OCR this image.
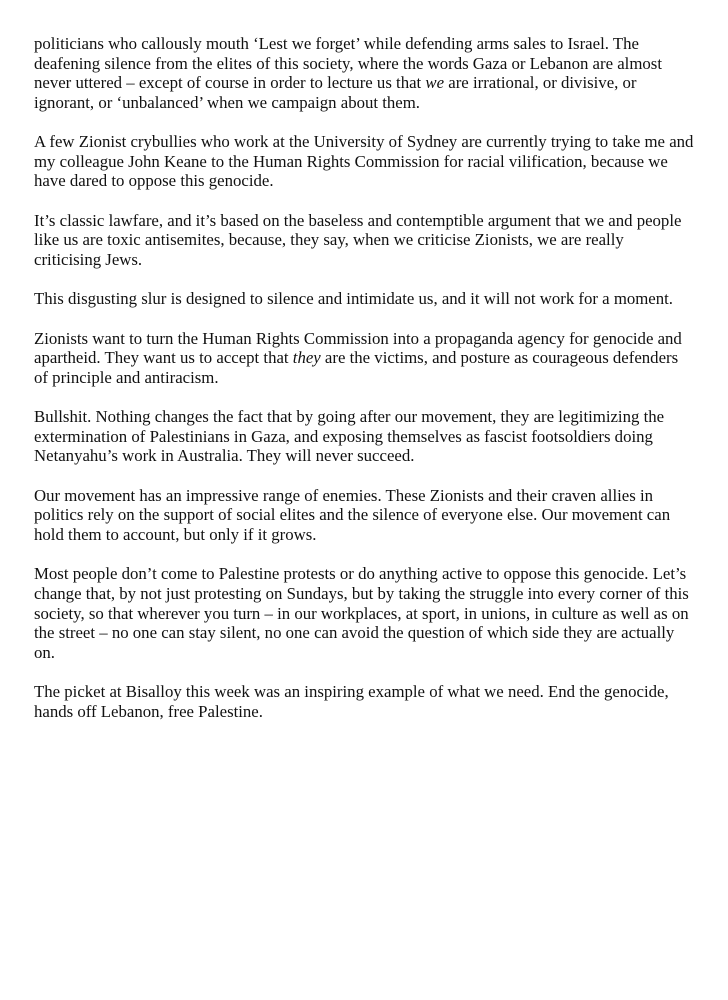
politicians who callously mouth ‘Lest we forget’ while defending arms sales to Israel. The deafening silence from the elites of this society, where the words Gaza or Lebanon are almost never uttered – except of course in order to lecture us that we are irrational, or divisive, or ignorant, or ‘unbalanced’ when we campaign about them.

A few Zionist crybullies who work at the University of Sydney are currently trying to take me and my colleague John Keane to the Human Rights Commission for racial vilification, because we have dared to oppose this genocide.

It’s classic lawfare, and it’s based on the baseless and contemptible argument that we and people like us are toxic antisemites, because, they say, when we criticise Zionists, we are really criticising Jews.

This disgusting slur is designed to silence and intimidate us, and it will not work for a moment.

Zionists want to turn the Human Rights Commission into a propaganda agency for genocide and apartheid. They want us to accept that they are the victims, and posture as courageous defenders of principle and antiracism.

Bullshit. Nothing changes the fact that by going after our movement, they are legitimizing the extermination of Palestinians in Gaza, and exposing themselves as fascist footsoldiers doing Netanyahu’s work in Australia. They will never succeed.

Our movement has an impressive range of enemies. These Zionists and their craven allies in politics rely on the support of social elites and the silence of everyone else. Our movement can hold them to account, but only if it grows.

Most people don’t come to Palestine protests or do anything active to oppose this genocide. Let’s change that, by not just protesting on Sundays, but by taking the struggle into every corner of this society, so that wherever you turn – in our workplaces, at sport, in unions, in culture as well as on the street – no one can stay silent, no one can avoid the question of which side they are actually on.

The picket at Bisalloy this week was an inspiring example of what we need. End the genocide, hands off Lebanon, free Palestine.
